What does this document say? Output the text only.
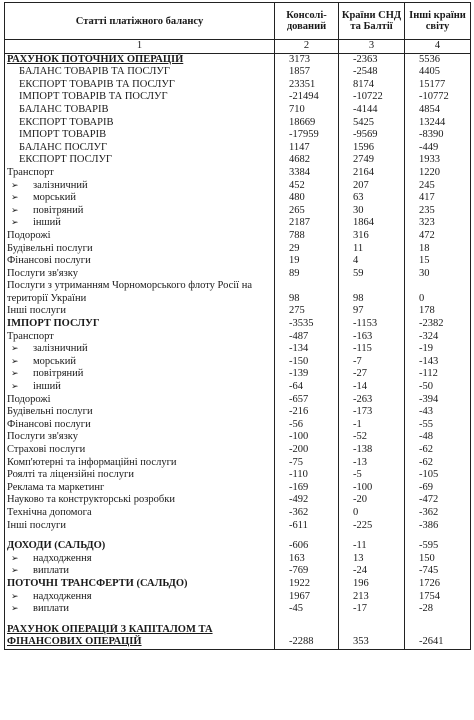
Статті платіжного балансу	Консолі-дований	Країни СНД та Балтії	Інші країни світу
1	2	3	4
РАХУНОК ПОТОЧНИХ ОПЕРАЦІЙ	3173	-2363	5536
БАЛАНС ТОВАРІВ ТА ПОСЛУГ	1857	-2548	4405
ЕКСПОРТ ТОВАРІВ ТА ПОСЛУГ	23351	8174	15177
ІМПОРТ ТОВАРІВ ТА ПОСЛУГ	-21494	-10722	-10772
БАЛАНС ТОВАРІВ	710	-4144	4854
ЕКСПОРТ ТОВАРІВ	18669	5425	13244
ІМПОРТ ТОВАРІВ	-17959	-9569	-8390
БАЛАНС ПОСЛУГ	1147	1596	-449
ЕКСПОРТ ПОСЛУГ	4682	2749	1933
Транспорт	3384	2164	1220
➢ залізничний	452	207	245
➢ морський	480	63	417
➢ повітряний	265	30	235
➢ інший	2187	1864	323
Подорожі	788	316	472
Будівельні послуги	29	11	18
Фінансові послуги	19	4	15
Послуги зв'язку	89	59	30
Послуги з утриманням Чорноморського флоту Росії на території України	98	98	0
Інші послуги	275	97	178
ІМПОРТ ПОСЛУГ	-3535	-1153	-2382
Транспорт	-487	-163	-324
➢ залізничний	-134	-115	-19
➢ морський	-150	-7	-143
➢ повітряний	-139	-27	-112
➢ інший	-64	-14	-50
Подорожі	-657	-263	-394
Будівельні послуги	-216	-173	-43
Фінансові послуги	-56	-1	-55
Послуги зв'язку	-100	-52	-48
Страхові послуги	-200	-138	-62
Комп'ютерні та інформаційні послуги	-75	-13	-62
Роялті та ліцензійні послуги	-110	-5	-105
Реклама та маркетинг	-169	-100	-69
Науково та конструкторські розробки	-492	-20	-472
Технічна допомога	-362	0	-362
Інші послуги	-611	-225	-386

ДОХОДИ (САЛЬДО)	-606	-11	-595
➢ надходження	163	13	150
➢ виплати	-769	-24	-745
ПОТОЧНІ ТРАНСФЕРТИ (САЛЬДО)	1922	196	1726
➢ надходження	1967	213	1754
➢ виплати	-45	-17	-28

РАХУНОК ОПЕРАЦІЙ З КАПІТАЛОМ ТА ФІНАНСОВИХ ОПЕРАЦІЙ	-2288	353	-2641
